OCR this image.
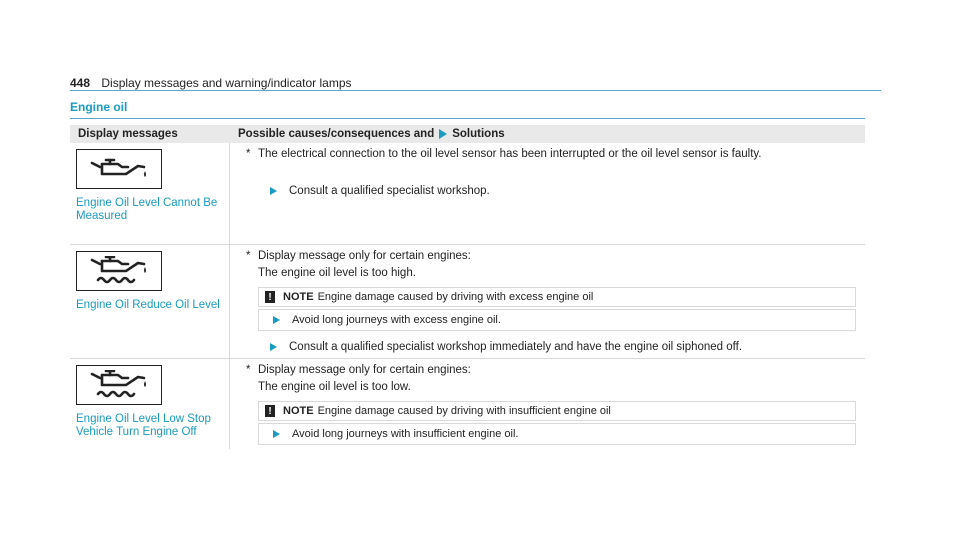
448 Display messages and warning/indicator lamps
Engine oil
Display messages	Possible causes/consequences and Solutions
Engine Oil Level Cannot Be
Measured
* The electrical connection to the oil level sensor has been interrupted or the oil level sensor is faulty.
Consult a qualified specialist workshop.
Engine Oil Reduce Oil Level
* Display message only for certain engines:
The engine oil level is too high.
!	NOTE Engine damage caused by driving with excess engine oil
Avoid long journeys with excess engine oil.
Consult a qualified specialist workshop immediately and have the engine oil siphoned off.
Engine Oil Level Low Stop
Vehicle Turn Engine Off
* Display message only for certain engines:
The engine oil level is too low.
!	NOTE Engine damage caused by driving with insufficient engine oil
Avoid long journeys with insufficient engine oil.
